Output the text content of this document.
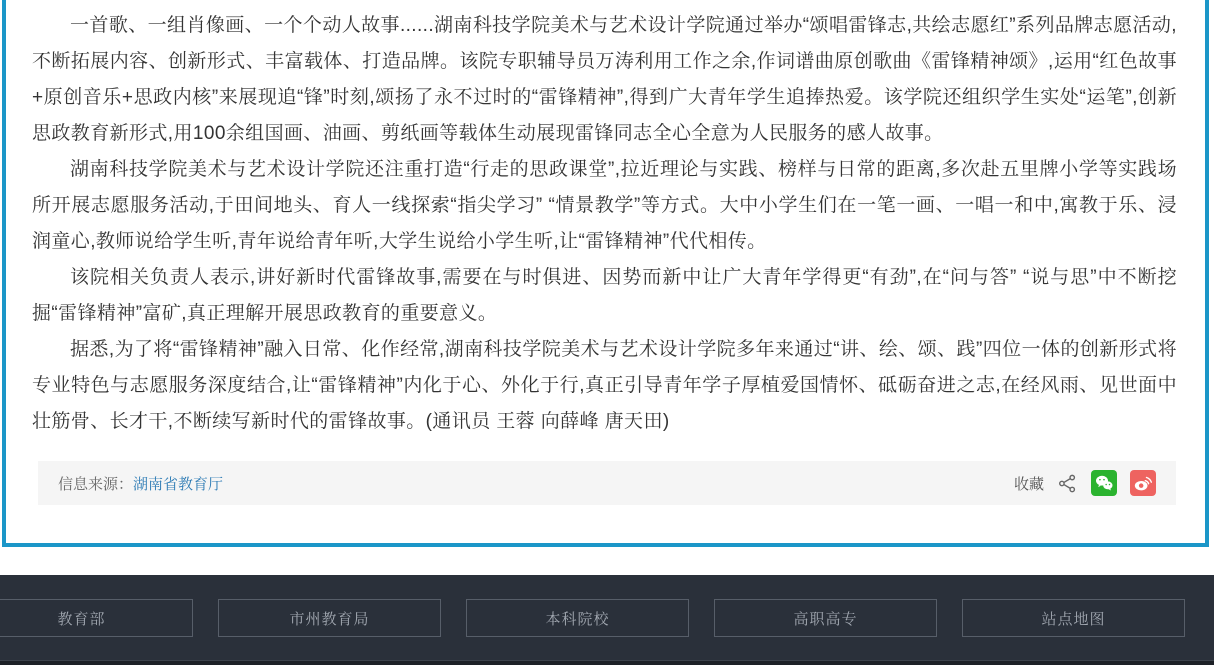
一首歌、一组肖像画、一个个动人故事......湖南科技学院美术与艺术设计学院通过举办“颂唱雷锋志,共绘志愿红”系列品牌志愿活动,不断拓展内容、创新形式、丰富载体、打造品牌。该院专职辅导员万涛利用工作之余,作词谱曲原创歌曲《雷锋精神颂》,运用“红色故事+原创音乐+思政内核”来展现追“锋”时刻,颂扬了永不过时的“雷锋精神”,得到广大青年学生追捧热爱。该学院还组织学生实处“运笔”,创新思政教育新形式,用100余组国画、油画、剪纸画等载体生动展现雷锋同志全心全意为人民服务的感人故事。

湖南科技学院美术与艺术设计学院还注重打造“行走的思政课堂”,拉近理论与实践、榜样与日常的距离,多次赴五里牌小学等实践场所开展志愿服务活动,于田间地头、育人一线探索“指尖学习” “情景教学”等方式。大中小学生们在一笔一画、一唱一和中,寓教于乐、浸润童心,教师说给学生听,青年说给青年听,大学生说给小学生听,让“雷锋精神”代代相传。

该院相关负责人表示,讲好新时代雷锋故事,需要在与时俱进、因势而新中让广大青年学得更“有劲”,在“问与答” “说与思”中不断挖掘“雷锋精神”富矿,真正理解开展思政教育的重要意义。

据悉,为了将“雷锋精神”融入日常、化作经常,湖南科技学院美术与艺术设计学院多年来通过“讲、绘、颂、践”四位一体的创新形式将专业特色与志愿服务深度结合,让“雷锋精神”内化于心、外化于行,真正引导青年学子厚植爱国情怀、砥砺奋进之志,在经风雨、见世面中壮筋骨、长才干,不断续写新时代的雷锋故事。(通讯员 王蓉 向薛峰 唐天田)

信息来源： 湖南省教育厅	收藏
教育部	市州教育局	本科院校	高职高专	站点地图
